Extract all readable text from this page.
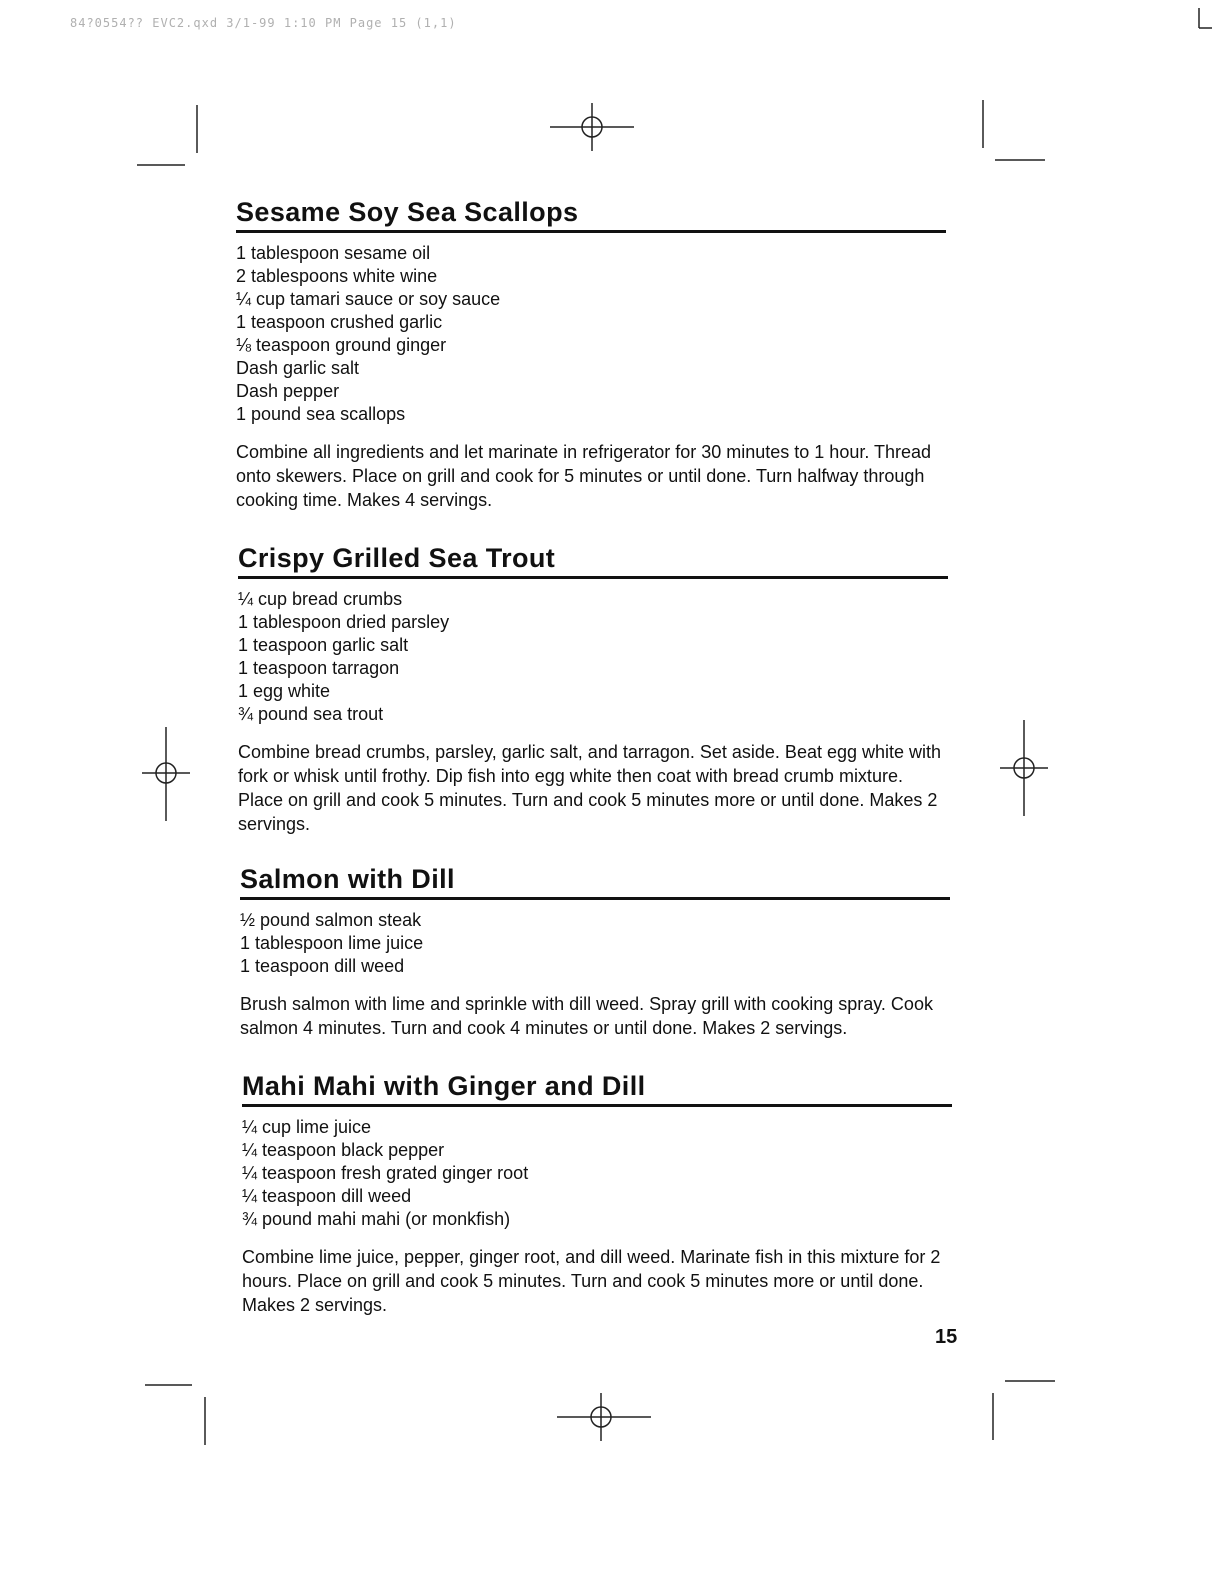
84?0554?? EVC2.qxd 3/1-99 1:10 PM Page 15 (1,1)
Sesame Soy Sea Scallops
1 tablespoon sesame oil
2 tablespoons white wine
¼ cup tamari sauce or soy sauce
1 teaspoon crushed garlic
⅛ teaspoon ground ginger
Dash garlic salt
Dash pepper
1 pound sea scallops

Combine all ingredients and let marinate in refrigerator for 30 minutes to 1 hour. Thread onto skewers. Place on grill and cook for 5 minutes or until done. Turn halfway through cooking time. Makes 4 servings.

Crispy Grilled Sea Trout
¼ cup bread crumbs
1 tablespoon dried parsley
1 teaspoon garlic salt
1 teaspoon tarragon
1 egg white
¾ pound sea trout

Combine bread crumbs, parsley, garlic salt, and tarragon. Set aside. Beat egg white with fork or whisk until frothy. Dip fish into egg white then coat with bread crumb mixture. Place on grill and cook 5 minutes. Turn and cook 5 minutes more or until done. Makes 2 servings.

Salmon with Dill
½ pound salmon steak
1 tablespoon lime juice
1 teaspoon dill weed

Brush salmon with lime and sprinkle with dill weed. Spray grill with cooking spray. Cook salmon 4 minutes. Turn and cook 4 minutes or until done. Makes 2 servings.

Mahi Mahi with Ginger and Dill
¼ cup lime juice
¼ teaspoon black pepper
¼ teaspoon fresh grated ginger root
¼ teaspoon dill weed
¾ pound mahi mahi (or monkfish)

Combine lime juice, pepper, ginger root, and dill weed. Marinate fish in this mixture for 2 hours. Place on grill and cook 5 minutes. Turn and cook 5 minutes more or until done. Makes 2 servings.

15
